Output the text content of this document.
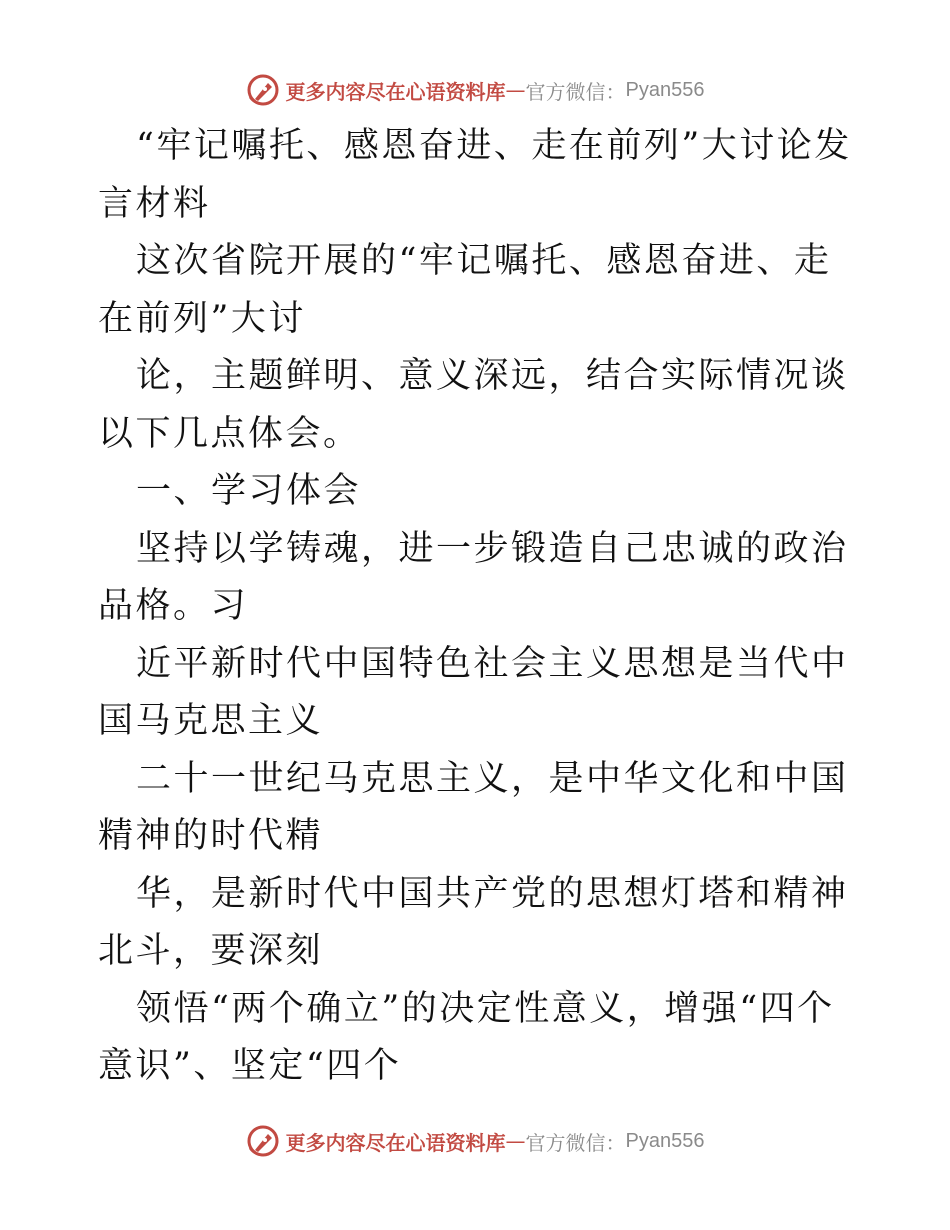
更多内容尽在心语资料库 — 官方微信： Pyan556

“牢记嘱托、感恩奋进、走在前列”大讨论发言材料

这次省院开展的“牢记嘱托、感恩奋进、走在前列”大讨

论，主题鲜明、意义深远，结合实际情况谈以下几点体会。

一、学习体会

坚持以学铸魂，进一步锻造自己忠诚的政治品格。习

近平新时代中国特色社会主义思想是当代中国马克思主义

二十一世纪马克思主义，是中华文化和中国精神的时代精

华，是新时代中国共产党的思想灯塔和精神北斗，要深刻

领悟“两个确立”的决定性意义，增强“四个意识”、坚定“四个

更多内容尽在心语资料库 — 官方微信： Pyan556
